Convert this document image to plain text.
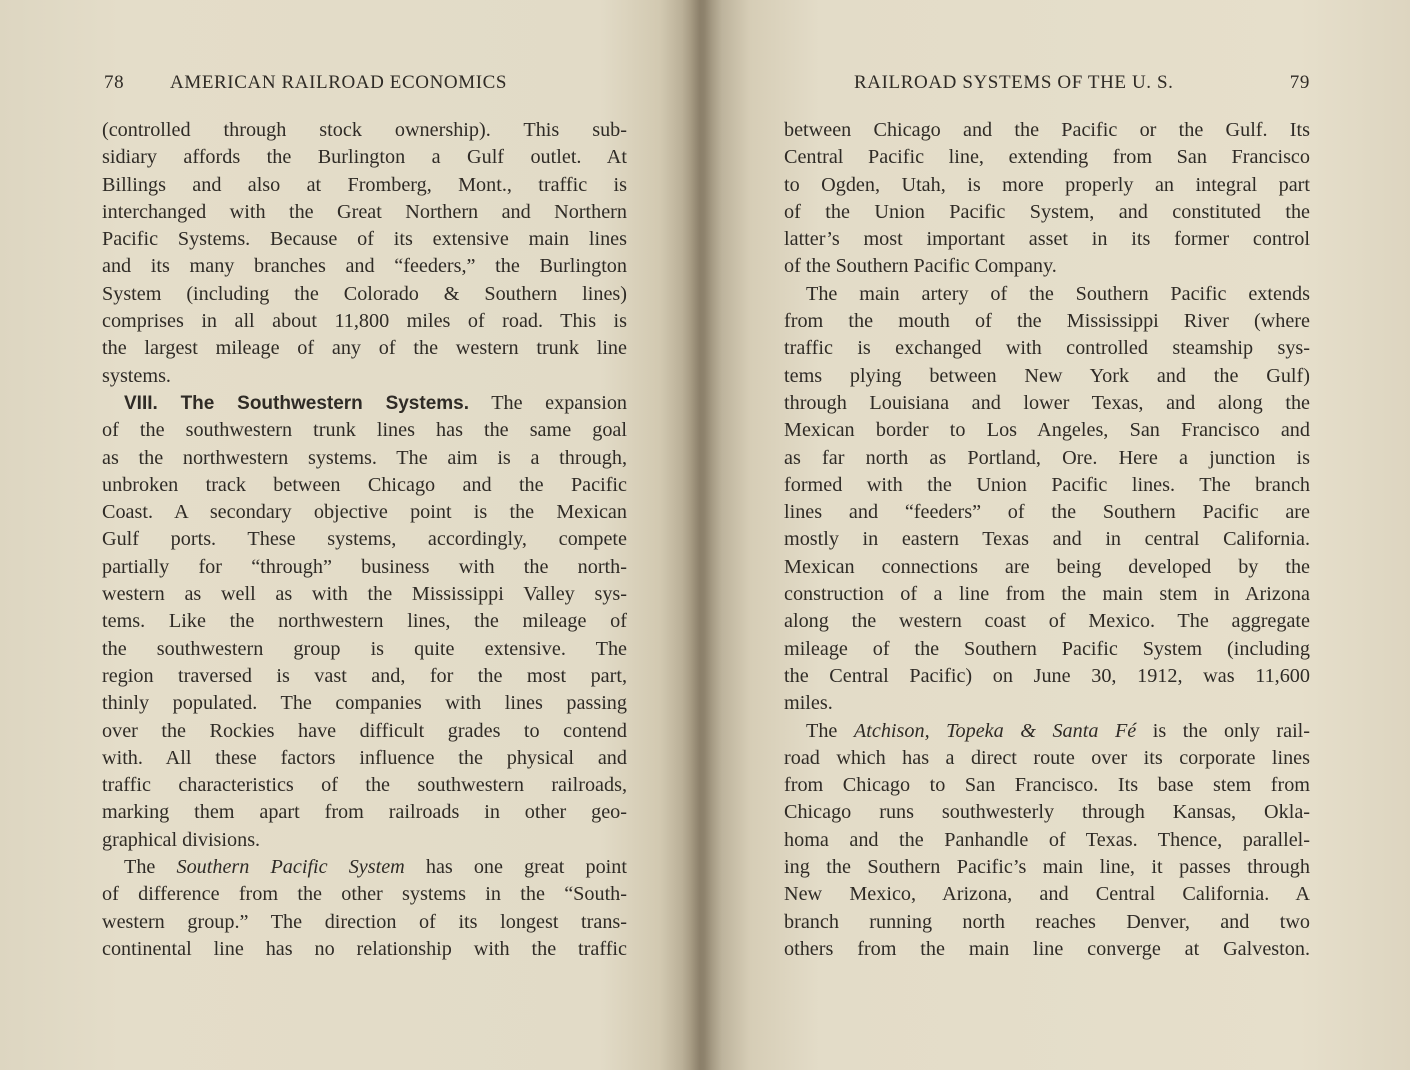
78 AMERICAN RAILROAD ECONOMICS
(controlled through stock ownership). This sub-
sidiary affords the Burlington a Gulf outlet. At
Billings and also at Fromberg, Mont., traffic is
interchanged with the Great Northern and Northern
Pacific Systems. Because of its extensive main lines
and its many branches and “feeders,” the Burlington
System (including the Colorado & Southern lines)
comprises in all about 11,800 miles of road. This is
the largest mileage of any of the western trunk line
systems.
VIII. The Southwestern Systems. The expansion
of the southwestern trunk lines has the same goal
as the northwestern systems. The aim is a through,
unbroken track between Chicago and the Pacific
Coast. A secondary objective point is the Mexican
Gulf ports. These systems, accordingly, compete
partially for “through” business with the north-
western as well as with the Mississippi Valley sys-
tems. Like the northwestern lines, the mileage of
the southwestern group is quite extensive. The
region traversed is vast and, for the most part,
thinly populated. The companies with lines passing
over the Rockies have difficult grades to contend
with. All these factors influence the physical and
traffic characteristics of the southwestern railroads,
marking them apart from railroads in other geo-
graphical divisions.
The Southern Pacific System has one great point
of difference from the other systems in the “South-
western group.” The direction of its longest trans-
continental line has no relationship with the traffic
RAILROAD SYSTEMS OF THE U. S.	79
between Chicago and the Pacific or the Gulf. Its
Central Pacific line, extending from San Francisco
to Ogden, Utah, is more properly an integral part
of the Union Pacific System, and constituted the
latter’s most important asset in its former control
of the Southern Pacific Company.
The main artery of the Southern Pacific extends
from the mouth of the Mississippi River (where
traffic is exchanged with controlled steamship sys-
tems plying between New York and the Gulf)
through Louisiana and lower Texas, and along the
Mexican border to Los Angeles, San Francisco and
as far north as Portland, Ore. Here a junction is
formed with the Union Pacific lines. The branch
lines and “feeders” of the Southern Pacific are
mostly in eastern Texas and in central California.
Mexican connections are being developed by the
construction of a line from the main stem in Arizona
along the western coast of Mexico. The aggregate
mileage of the Southern Pacific System (including
the Central Pacific) on June 30, 1912, was 11,600
miles.
The Atchison, Topeka & Santa Fé is the only rail-
road which has a direct route over its corporate lines
from Chicago to San Francisco. Its base stem from
Chicago runs southwesterly through Kansas, Okla-
homa and the Panhandle of Texas. Thence, parallel-
ing the Southern Pacific’s main line, it passes through
New Mexico, Arizona, and Central California. A
branch running north reaches Denver, and two
others from the main line converge at Galveston.
